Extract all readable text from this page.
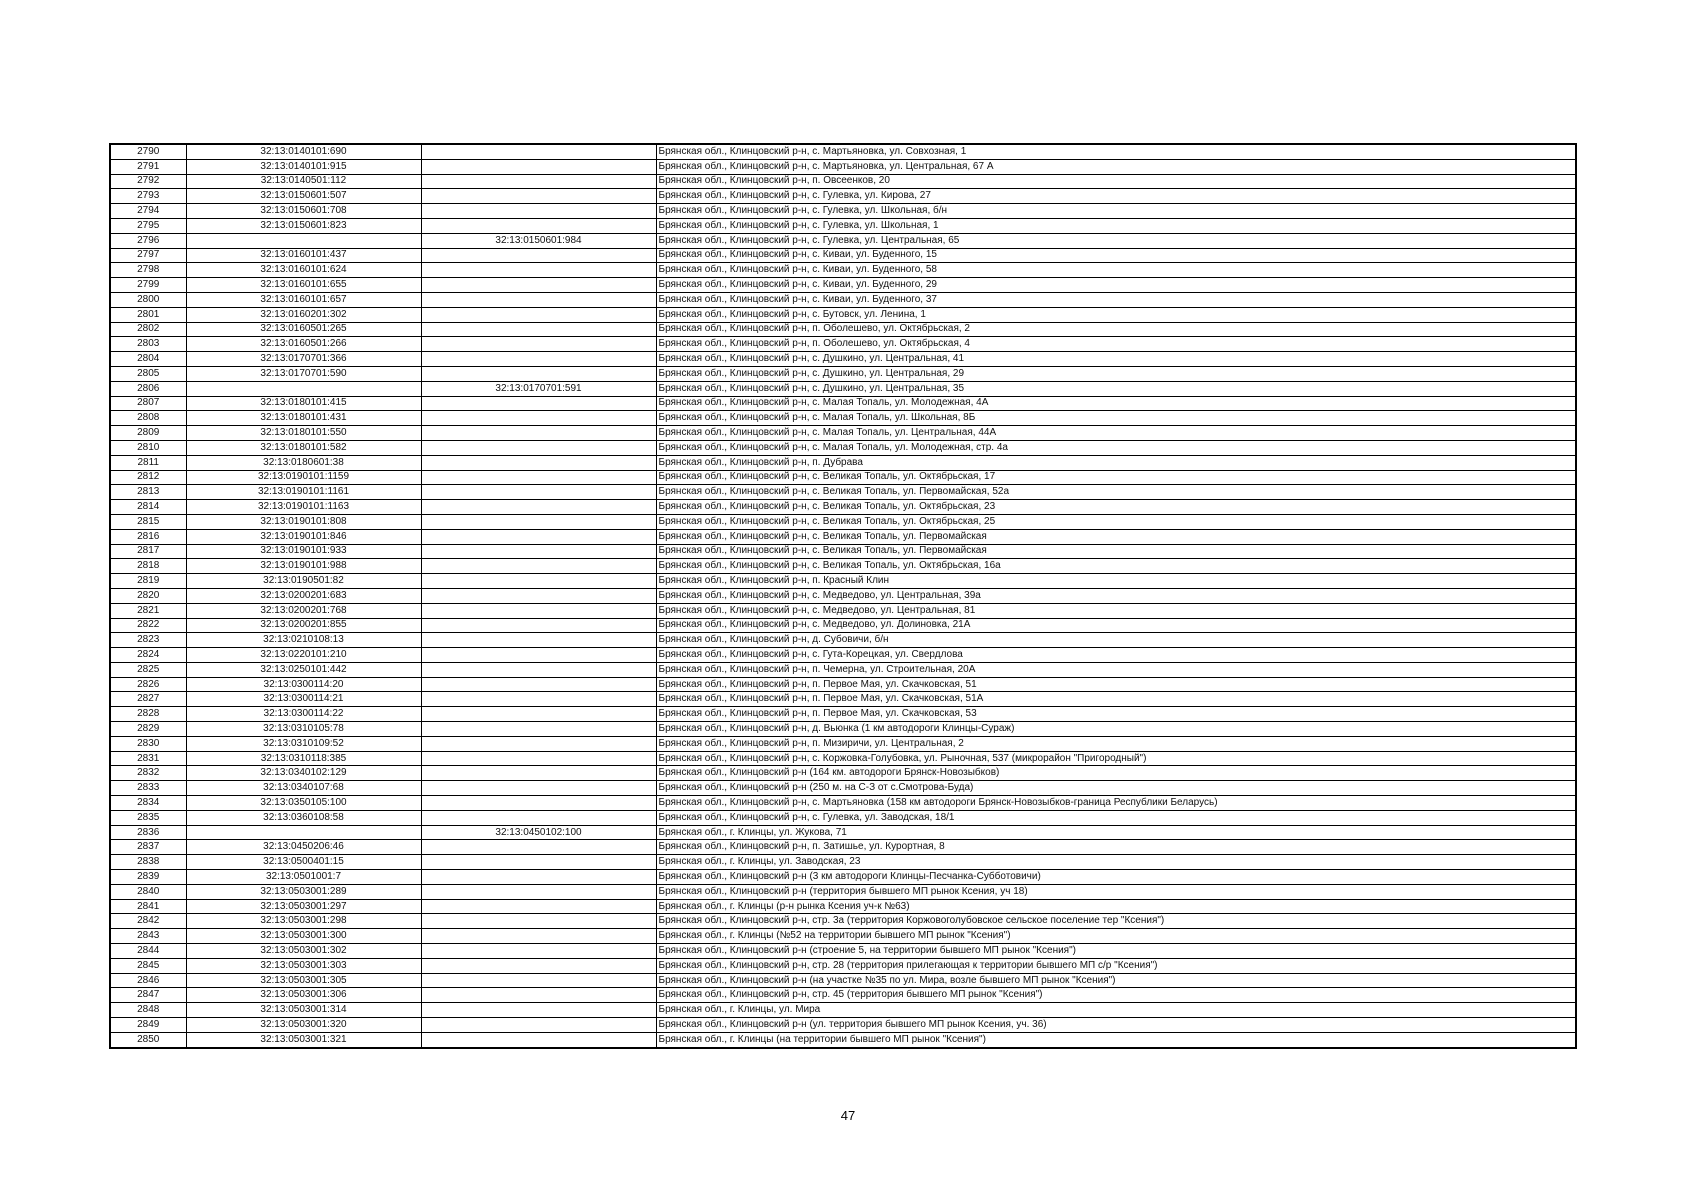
2790	32:13:0140101:690		Брянская обл., Клинцовский р-н, с. Мартьяновка, ул. Совхозная, 1
2791	32:13:0140101:915		Брянская обл., Клинцовский р-н, с. Мартьяновка, ул. Центральная, 67 А
2792	32:13:0140501:112		Брянская обл., Клинцовский р-н, п. Овсеенков, 20
2793	32:13:0150601:507		Брянская обл., Клинцовский р-н, с. Гулевка, ул. Кирова, 27
2794	32:13:0150601:708		Брянская обл., Клинцовский р-н, с. Гулевка, ул. Школьная, б/н
2795	32:13:0150601:823		Брянская обл., Клинцовский р-н, с. Гулевка, ул. Школьная, 1
2796		32:13:0150601:984	Брянская обл., Клинцовский р-н, с. Гулевка, ул. Центральная, 65
2797	32:13:0160101:437		Брянская обл., Клинцовский р-н, с. Киваи, ул. Буденного, 15
2798	32:13:0160101:624		Брянская обл., Клинцовский р-н, с. Киваи, ул. Буденного, 58
2799	32:13:0160101:655		Брянская обл., Клинцовский р-н, с. Киваи, ул. Буденного, 29
2800	32:13:0160101:657		Брянская обл., Клинцовский р-н, с. Киваи, ул. Буденного, 37
2801	32:13:0160201:302		Брянская обл., Клинцовский р-н, с. Бутовск, ул. Ленина, 1
2802	32:13:0160501:265		Брянская обл., Клинцовский р-н, п. Оболешево, ул. Октябрьская, 2
2803	32:13:0160501:266		Брянская обл., Клинцовский р-н, п. Оболешево, ул. Октябрьская, 4
2804	32:13:0170701:366		Брянская обл., Клинцовский р-н, с. Душкино, ул. Центральная, 41
2805	32:13:0170701:590		Брянская обл., Клинцовский р-н, с. Душкино, ул. Центральная, 29
2806		32:13:0170701:591	Брянская обл., Клинцовский р-н, с. Душкино, ул. Центральная, 35
2807	32:13:0180101:415		Брянская обл., Клинцовский р-н, с. Малая Топаль, ул. Молодежная, 4А
2808	32:13:0180101:431		Брянская обл., Клинцовский р-н, с. Малая Топаль, ул. Школьная, 8Б
2809	32:13:0180101:550		Брянская обл., Клинцовский р-н, с. Малая Топаль, ул. Центральная, 44А
2810	32:13:0180101:582		Брянская обл., Клинцовский р-н, с. Малая Топаль, ул. Молодежная, стр. 4а
2811	32:13:0180601:38		Брянская обл., Клинцовский р-н, п. Дубрава
2812	32:13:0190101:1159		Брянская обл., Клинцовский р-н, с. Великая Топаль, ул. Октябрьская, 17
2813	32:13:0190101:1161		Брянская обл., Клинцовский р-н, с. Великая Топаль, ул. Первомайская, 52а
2814	32:13:0190101:1163		Брянская обл., Клинцовский р-н, с. Великая Топаль, ул. Октябрьская, 23
2815	32:13:0190101:808		Брянская обл., Клинцовский р-н, с. Великая Топаль, ул. Октябрьская, 25
2816	32:13:0190101:846		Брянская обл., Клинцовский р-н, с. Великая Топаль, ул. Первомайская
2817	32:13:0190101:933		Брянская обл., Клинцовский р-н, с. Великая Топаль, ул. Первомайская
2818	32:13:0190101:988		Брянская обл., Клинцовский р-н, с. Великая Топаль, ул. Октябрьская, 16а
2819	32:13:0190501:82		Брянская обл., Клинцовский р-н, п. Красный Клин
2820	32:13:0200201:683		Брянская обл., Клинцовский р-н, с. Медведово, ул. Центральная, 39а
2821	32:13:0200201:768		Брянская обл., Клинцовский р-н, с. Медведово, ул. Центральная, 81
2822	32:13:0200201:855		Брянская обл., Клинцовский р-н, с. Медведово, ул. Долиновка, 21А
2823	32:13:0210108:13		Брянская обл., Клинцовский р-н, д. Субовичи, б/н
2824	32:13:0220101:210		Брянская обл., Клинцовский р-н, с. Гута-Корецкая, ул. Свердлова
2825	32:13:0250101:442		Брянская обл., Клинцовский р-н, п. Чемерна, ул. Строительная, 20А
2826	32:13:0300114:20		Брянская обл., Клинцовский р-н, п. Первое Мая, ул. Скачковская, 51
2827	32:13:0300114:21		Брянская обл., Клинцовский р-н, п. Первое Мая, ул. Скачковская, 51А
2828	32:13:0300114:22		Брянская обл., Клинцовский р-н, п. Первое Мая, ул. Скачковская, 53
2829	32:13:0310105:78		Брянская обл., Клинцовский р-н, д. Вьюнка (1 км автодороги Клинцы-Сураж)
2830	32:13:0310109:52		Брянская обл., Клинцовский р-н, п. Мизиричи, ул. Центральная, 2
2831	32:13:0310118:385		Брянская обл., Клинцовский р-н, с. Коржовка-Голубовка, ул. Рыночная, 537 (микрорайон "Пригородный")
2832	32:13:0340102:129		Брянская обл., Клинцовский р-н (164 км. автодороги Брянск-Новозыбков)
2833	32:13:0340107:68		Брянская обл., Клинцовский р-н (250 м. на С-З от с.Смотрова-Буда)
2834	32:13:0350105:100		Брянская обл., Клинцовский р-н, с. Мартьяновка (158 км автодороги Брянск-Новозыбков-граница Республики Беларусь)
2835	32:13:0360108:58		Брянская обл., Клинцовский р-н, с. Гулевка, ул. Заводская, 18/1
2836		32:13:0450102:100	Брянская обл., г. Клинцы, ул. Жукова, 71
2837	32:13:0450206:46		Брянская обл., Клинцовский р-н, п. Затишье, ул. Курортная, 8
2838	32:13:0500401:15		Брянская обл., г. Клинцы, ул. Заводская, 23
2839	32:13:0501001:7		Брянская обл., Клинцовский р-н (3 км автодороги Клинцы-Песчанка-Субботовичи)
2840	32:13:0503001:289		Брянская обл., Клинцовский р-н (территория бывшего МП рынок Ксения, уч 18)
2841	32:13:0503001:297		Брянская обл., г. Клинцы (р-н рынка Ксения уч-к №63)
2842	32:13:0503001:298		Брянская обл., Клинцовский р-н, стр. 3а (территория Коржовоголубовское сельское поселение тер "Ксения")
2843	32:13:0503001:300		Брянская обл., г. Клинцы (№52 на территории бывшего МП рынок "Ксения")
2844	32:13:0503001:302		Брянская обл., Клинцовский р-н (строение 5, на территории бывшего МП рынок "Ксения")
2845	32:13:0503001:303		Брянская обл., Клинцовский р-н, стр. 28 (территория прилегающая к территории бывшего МП с/р "Ксения")
2846	32:13:0503001:305		Брянская обл., Клинцовский р-н (на участке №35 по ул. Мира, возле бывшего МП рынок "Ксения")
2847	32:13:0503001:306		Брянская обл., Клинцовский р-н, стр. 45 (территория бывшего МП рынок "Ксения")
2848	32:13:0503001:314		Брянская обл., г. Клинцы, ул. Мира
2849	32:13:0503001:320		Брянская обл., Клинцовский р-н (ул. территория бывшего МП рынок Ксения, уч. 36)
2850	32:13:0503001:321		Брянская обл., г. Клинцы (на территории бывшего МП рынок "Ксения")
47
